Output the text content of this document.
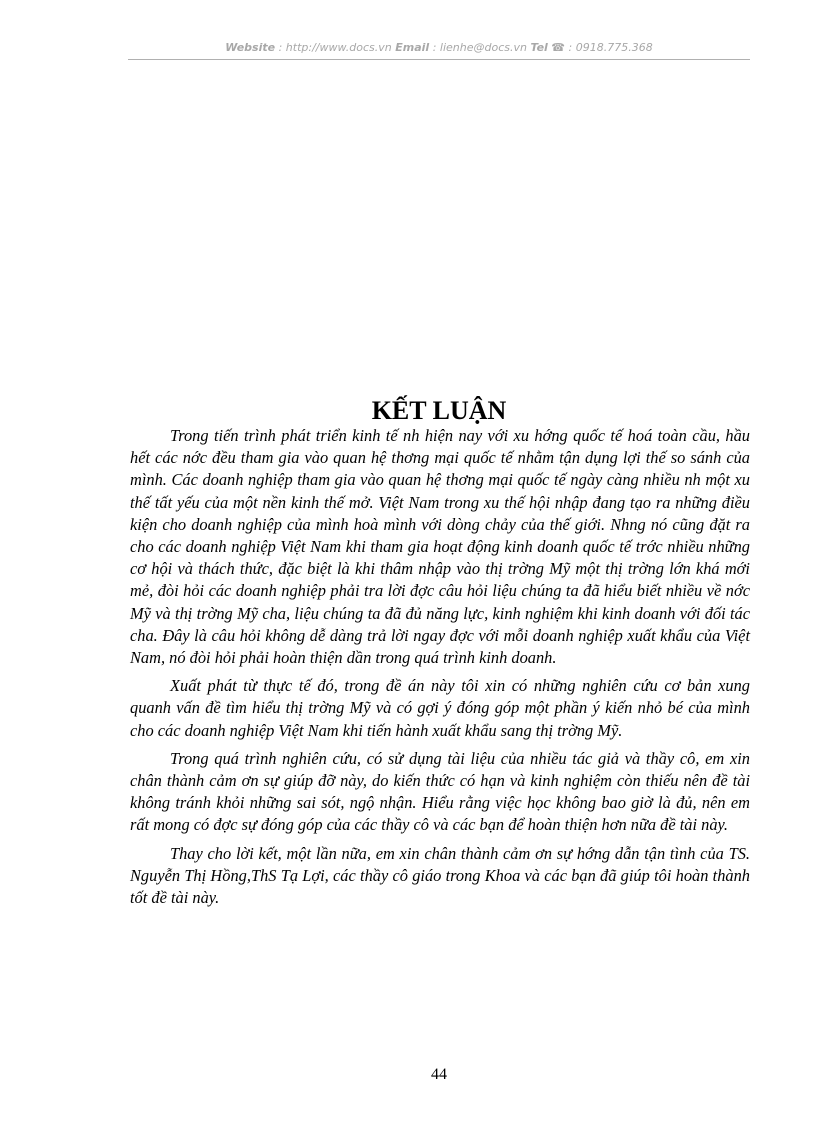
Website : http://www.docs.vn Email : lienhe@docs.vn Tel ☎ : 0918.775.368
KẾT LUẬN

Trong tiến trình phát triển kinh tế nh hiện nay với xu hớng quốc tế hoá toàn cầu, hầu hết các nớc đều tham gia vào quan hệ thơng mại quốc tế nhằm tận dụng lợi thế so sánh của mình. Các doanh nghiệp tham gia vào quan hệ thơng mại quốc tế ngày càng nhiều nh một xu thế tất yếu của một nền kinh thế mở. Việt Nam trong xu thế hội nhập đang tạo ra những điều kiện cho doanh nghiệp của mình hoà mình với dòng chảy của thế giới. Nhng nó cũng đặt ra cho các doanh nghiệp Việt Nam khi tham gia hoạt động kinh doanh quốc tế trớc nhiều những cơ hội và thách thức, đặc biệt là khi thâm nhập vào thị trờng Mỹ một thị trờng lớn khá mới mẻ, đòi hỏi các doanh nghiệp phải tra lời đợc câu hỏi liệu chúng ta đã hiểu biết nhiều về nớc Mỹ và thị trờng Mỹ cha, liệu chúng ta đã đủ năng lực, kinh nghiệm khi kinh doanh với đối tác cha. Đây là câu hỏi không dễ dàng trả lời ngay đợc với mỗi doanh nghiệp xuất khẩu của Việt Nam, nó đòi hỏi phải hoàn thiện dần trong quá trình kinh doanh.

Xuất phát từ thực tế đó, trong đề án này tôi xin có những nghiên cứu cơ bản xung quanh vấn đề tìm hiểu thị trờng Mỹ và có gợi ý đóng góp một phần ý kiến nhỏ bé của mình cho các doanh nghiệp Việt Nam khi tiến hành xuất khẩu sang thị trờng Mỹ.

Trong quá trình nghiên cứu, có sử dụng tài liệu của nhiều tác giả và thầy cô, em xin chân thành cảm ơn sự giúp đỡ này, do kiến thức có hạn và kinh nghiệm còn thiếu nên đề tài không tránh khỏi những sai sót, ngộ nhận. Hiểu rằng việc học không bao giờ là đủ, nên em rất mong có đợc sự đóng góp của các thầy cô và các bạn để hoàn thiện hơn nữa đề tài này.

Thay cho lời kết, một lần nữa, em xin chân thành cảm ơn sự hớng dẫn tận tình của TS. Nguyễn Thị Hồng,ThS Tạ Lợi, các thầy cô giáo trong Khoa và các bạn đã giúp tôi hoàn thành tốt đề tài này.

44
